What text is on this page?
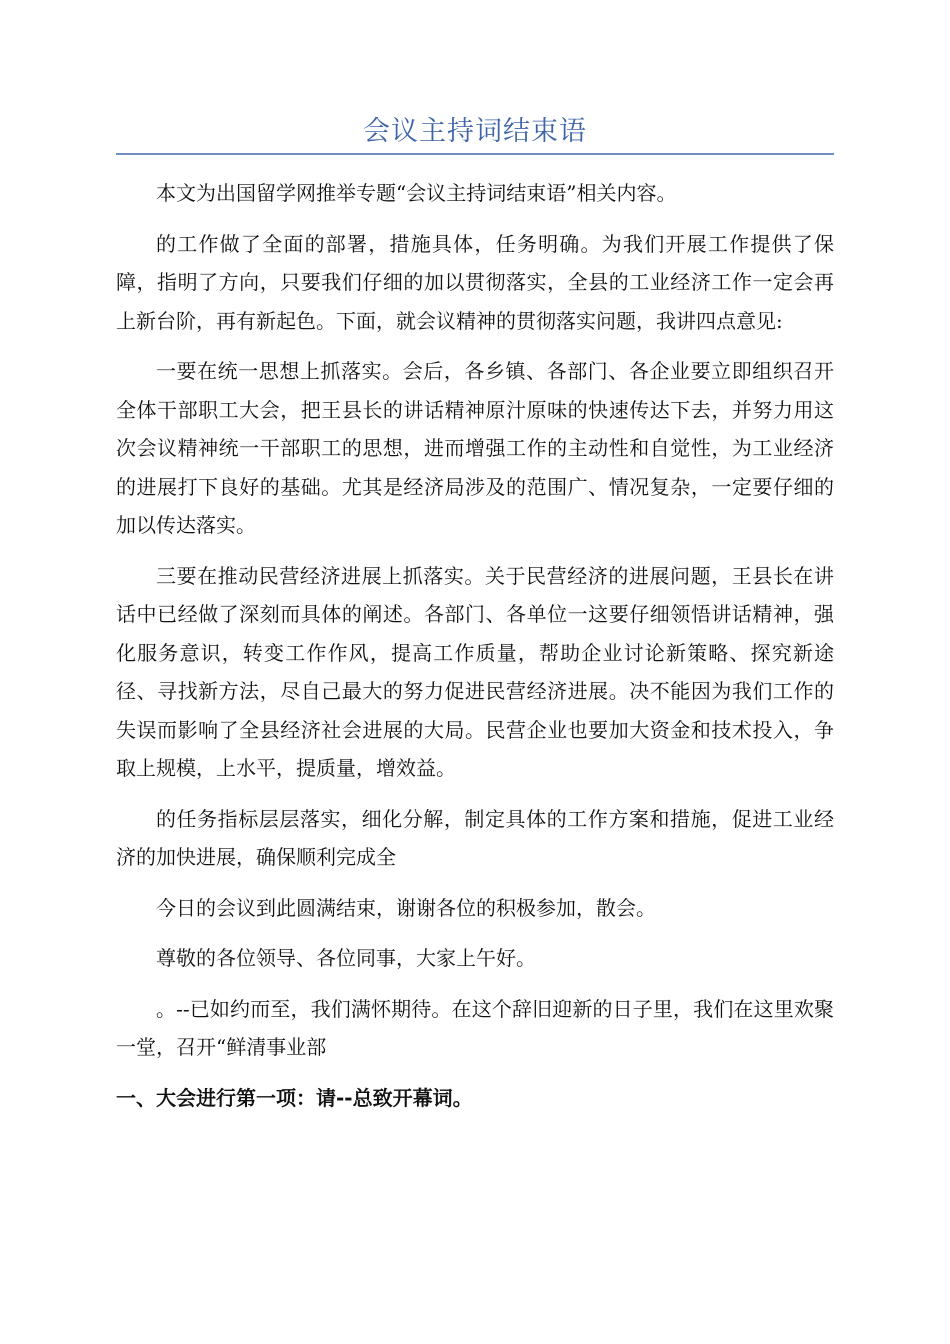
会议主持词结束语

本文为出国留学网推举专题“会议主持词结束语”相关内容。

的工作做了全面的部署，措施具体，任务明确。为我们开展工作提供了保障，指明了方向，只要我们仔细的加以贯彻落实，全县的工业经济工作一定会再上新台阶，再有新起色。下面，就会议精神的贯彻落实问题，我讲四点意见:

一要在统一思想上抓落实。会后，各乡镇、各部门、各企业要立即组织召开全体干部职工大会，把王县长的讲话精神原汁原味的快速传达下去，并努力用这次会议精神统一干部职工的思想，进而增强工作的主动性和自觉性，为工业经济的进展打下良好的基础。尤其是经济局涉及的范围广、情况复杂，一定要仔细的加以传达落实。

三要在推动民营经济进展上抓落实。关于民营经济的进展问题，王县长在讲话中已经做了深刻而具体的阐述。各部门、各单位一这要仔细领悟讲话精神，强化服务意识，转变工作作风，提高工作质量，帮助企业讨论新策略、探究新途径、寻找新方法，尽自己最大的努力促进民营经济进展。决不能因为我们工作的失误而影响了全县经济社会进展的大局。民营企业也要加大资金和技术投入，争取上规模，上水平，提质量，增效益。

的任务指标层层落实，细化分解，制定具体的工作方案和措施，促进工业经济的加快进展，确保顺利完成全

今日的会议到此圆满结束，谢谢各位的积极参加，散会。

尊敬的各位领导、各位同事，大家上午好。

。--已如约而至，我们满怀期待。在这个辞旧迎新的日子里，我们在这里欢聚一堂，召开“鲜清事业部

一、大会进行第一项：请--总致开幕词。
